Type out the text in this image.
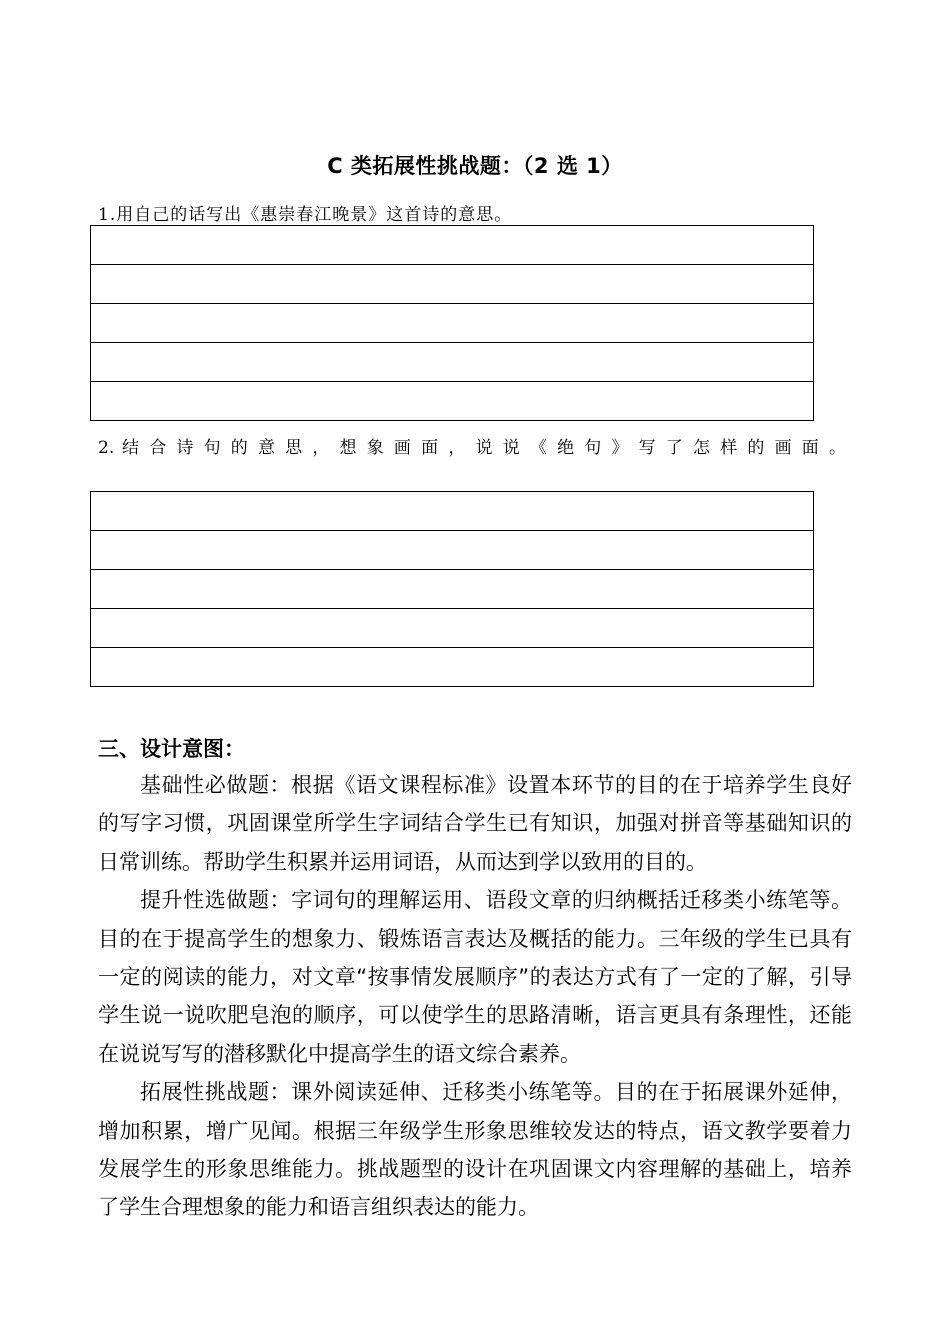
C 类拓展性挑战题：（2 选 1）
1.用自己的话写出《惠崇春江晚景》这首诗的意思。
2. 结 合 诗 句 的 意 思 ， 想 象 画 面 ， 说 说 《 绝 句 》 写 了 怎 样 的 画 面 。
三、设计意图：

基础性必做题：根据《语文课程标准》设置本环节的目的在于培养学生良好的写字习惯，巩固课堂所学生字词结合学生已有知识，加强对拼音等基础知识的日常训练。帮助学生积累并运用词语，从而达到学以致用的目的。

提升性选做题：字词句的理解运用、语段文章的归纳概括迁移类小练笔等。目的在于提高学生的想象力、锻炼语言表达及概括的能力。三年级的学生已具有一定的阅读的能力，对文章“按事情发展顺序”的表达方式有了一定的了解，引导学生说一说吹肥皂泡的顺序，可以使学生的思路清晰，语言更具有条理性，还能在说说写写的潜移默化中提高学生的语文综合素养。

拓展性挑战题：课外阅读延伸、迁移类小练笔等。目的在于拓展课外延伸，增加积累，增广见闻。根据三年级学生形象思维较发达的特点，语文教学要着力发展学生的形象思维能力。挑战题型的设计在巩固课文内容理解的基础上，培养了学生合理想象的能力和语言组织表达的能力。
